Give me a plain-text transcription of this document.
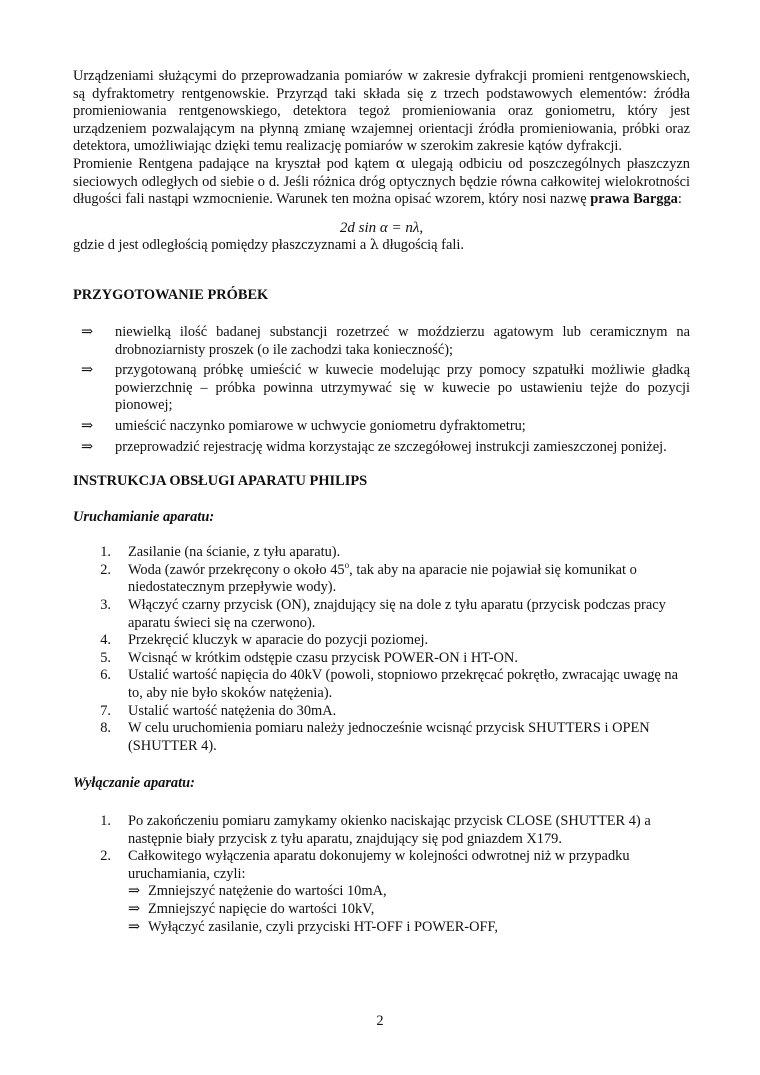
Urządzeniami służącymi do przeprowadzania pomiarów w zakresie dyfrakcji promieni rentgenowskiech, są dyfraktometry rentgenowskie. Przyrząd taki składa się z trzech podstawowych elementów: źródła promieniowania rentgenowskiego, detektora tegoż promieniowania oraz goniometru, który jest urządzeniem pozwalającym na płynną zmianę wzajemnej orientacji źródła promieniowania, próbki oraz detektora, umożliwiając dzięki temu realizację pomiarów w szerokim zakresie kątów dyfrakcji.

Promienie Rentgena padające na kryształ pod kątem α ulegają odbiciu od poszczególnych płaszczyzn sieciowych odległych od siebie o d. Jeśli różnica dróg optycznych będzie równa całkowitej wielokrotności długości fali nastąpi wzmocnienie. Warunek ten można opisać wzorem, który nosi nazwę prawa Bargga:

2d sin α = nλ,

gdzie d jest odległością pomiędzy płaszczyznami a λ długością fali.

PRZYGOTOWANIE PRÓBEK
⇒ niewielką ilość badanej substancji rozetrzeć w moździerzu agatowym lub ceramicznym na drobnoziarnisty proszek (o ile zachodzi taka konieczność);
⇒ przygotowaną próbkę umieścić w kuwecie modelując przy pomocy szpatułki możliwie gładką powierzchnię – próbka powinna utrzymywać się w kuwecie po ustawieniu tejże do pozycji pionowej;
⇒ umieścić naczynko pomiarowe w uchwycie goniometru dyfraktometru;
⇒ przeprowadzić rejestrację widma korzystając ze szczegółowej instrukcji zamieszczonej poniżej.
INSTRUKCJA OBSŁUGI APARATU PHILIPS
Uruchamianie aparatu:
1.	Zasilanie (na ścianie, z tyłu aparatu).
2.	Woda (zawór przekręcony o około 45$^o$, tak aby na aparacie nie pojawiał się komunikat o niedostatecznym przepływie wody).
3.	Włączyć czarny przycisk (ON), znajdujący się na dole z tyłu aparatu (przycisk podczas pracy aparatu świeci się na czerwono).
4.	Przekręcić kluczyk w aparacie do pozycji poziomej.
5.	Wcisnąć w krótkim odstępie czasu przycisk POWER-ON i HT-ON.
6.	Ustalić wartość napięcia do 40kV (powoli, stopniowo przekręcać pokrętło, zwracając uwagę na to, aby nie było skoków natężenia).
7.	Ustalić wartość natężenia do 30mA.
8.	W celu uruchomienia pomiaru należy jednocześnie wcisnąć przycisk SHUTTERS i OPEN (SHUTTER 4).
Wyłączanie aparatu:
1.	Po zakończeniu pomiaru zamykamy okienko naciskając przycisk CLOSE (SHUTTER 4) a następnie biały przycisk z tyłu aparatu, znajdujący się pod gniazdem X179.
2.	Całkowitego wyłączenia aparatu dokonujemy w kolejności odwrotnej niż w przypadku uruchamiania, czyli:
⇒ Zmniejszyć natężenie do wartości 10mA,
⇒ Zmniejszyć napięcie do wartości 10kV,
⇒ Wyłączyć zasilanie, czyli przyciski HT-OFF i POWER-OFF,
2
